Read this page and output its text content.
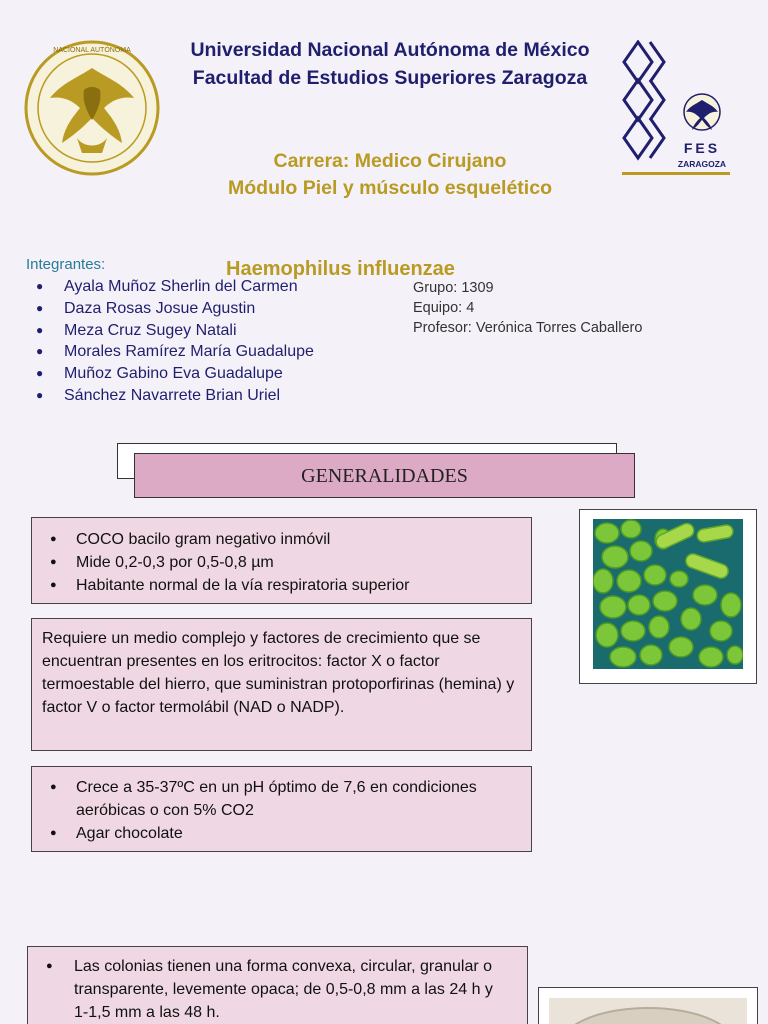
NACIONAL AUTÓNOMA	Universidad Nacional Autónoma de México
Facultad de Estudios Superiores Zaragoza
Carrera: Medico Cirujano
Módulo Piel y músculo esquelético
FES
ZARAGOZA
Integrantes:	Haemophilus influenzae
● Ayala Muñoz Sherlin del Carmen
● Daza Rosas Josue Agustin
● Meza Cruz Sugey Natali
● Morales Ramírez María Guadalupe
● Muñoz Gabino Eva Guadalupe
● Sánchez Navarrete Brian Uriel
Grupo: 1309
Equipo: 4
Profesor: Verónica Torres Caballero
GENERALIDADES
● COCO bacilo gram negativo inmóvil
● Mide 0,2-0,3 por 0,5-0,8 µm
● Habitante normal de la vía respiratoria superior

Requiere un medio complejo y factores de crecimiento que se encuentran presentes en los eritrocitos: factor X o factor termoestable del hierro, que suministran protoporfirinas (hemina) y factor V o factor termolábil (NAD o NADP).

● Crece a 35-37ºC en un pH óptimo de 7,6 en condiciones aeróbicas o con 5% CO2
● Agar chocolate
● Las colonias tienen una forma convexa, circular, granular o transparente, levemente opaca; de 0,5-0,8 mm a las 24 h y 1-1,5 mm a las 48 h.
